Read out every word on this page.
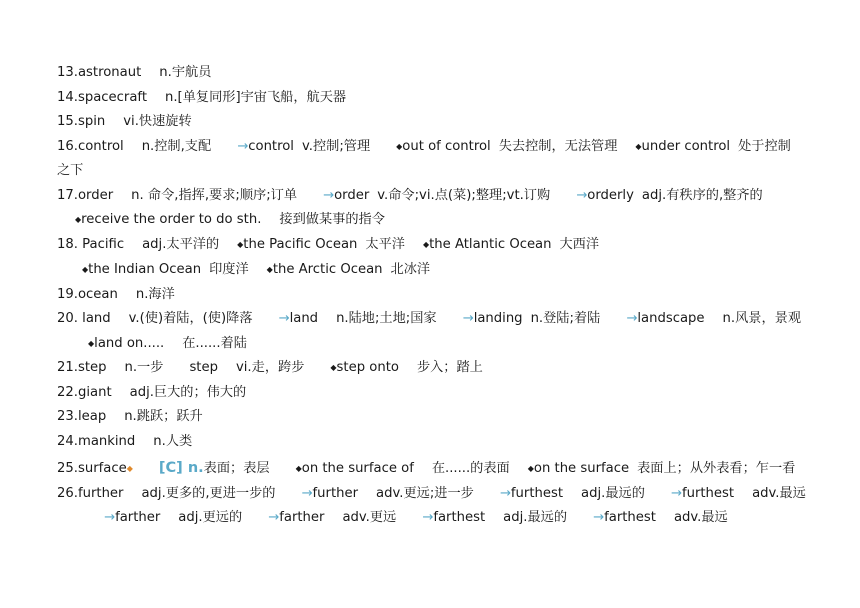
13.astronaut n.宇航员
14.spacecraft n.[单复同形]宇宙飞船，航天器
15.spin vi.快速旋转
16.control n.控制,支配 →control v.控制;管理	◆out of control 失去控制，无法管理 ◆under control 处于控制
之下
17.order n. 命令,指挥,要求;顺序;订单 →order v.命令;vi.点(菜);整理;vt.订购 →orderly adj.有秩序的,整齐的
◆receive the order to do sth. 接到做某事的指令
18. Pacific adj.太平洋的 ◆the Pacific Ocean 太平洋 ◆the Atlantic Ocean 大西洋
◆the Indian Ocean 印度洋 ◆the Arctic Ocean 北冰洋
19.ocean n.海洋
20. land v.(使)着陆，(使)降落 →land n.陆地;土地;国家 →landing n.登陆;着陆 →landscape n.风景，景观
◆land on..... 在......着陆
21.step n.一步 step vi.走，跨步	◆step onto 步入；踏上
22.giant adj.巨大的；伟大的
23.leap n.跳跃；跃升
24.mankind n.人类
25.surface◆ [C] n.表面；表层	◆on the surface of 在......的表面 ◆on the surface 表面上；从外表看；乍一看
26.further adj.更多的,更进一步的 →further adv.更远;进一步 →furthest adj.最远的 →furthest adv.最远
→farther adj.更远的 →farther adv.更远 →farthest adj.最远的 →farthest adv.最远
